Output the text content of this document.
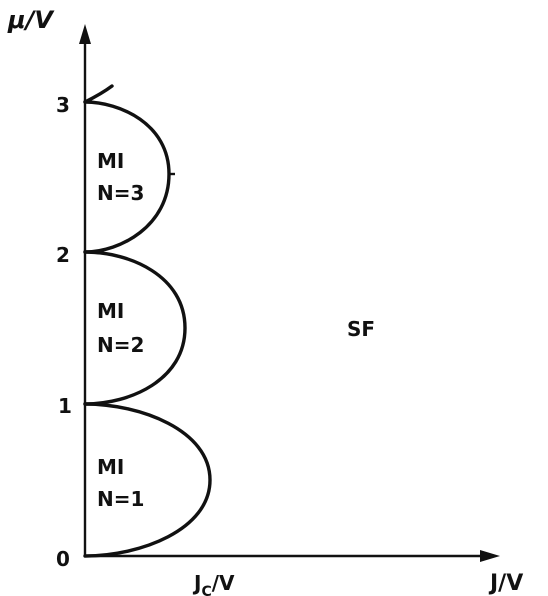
μ/V
J/V
0
1
2
3
$J_C/V$
MI
N=1
MI
N=2
MI
N=3
SF
